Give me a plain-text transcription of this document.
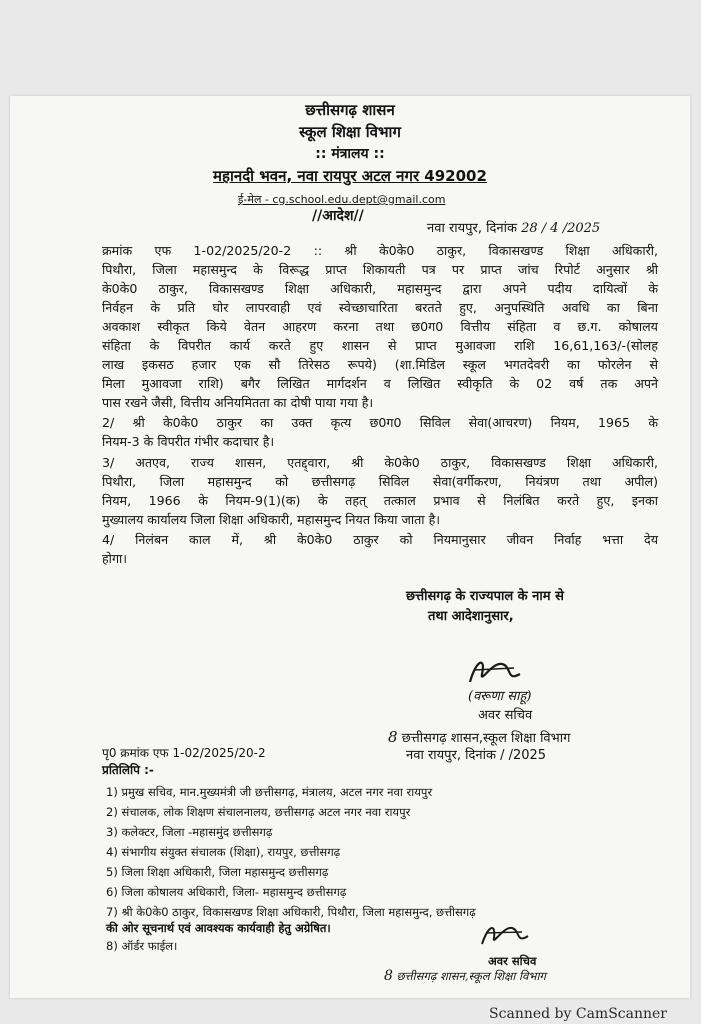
छत्तीसगढ़ शासन
स्कूल शिक्षा विभाग
:: मंत्रालय ::
महानदी भवन, नवा रायपुर अटल नगर 492002
ई-मेल - cg.school.edu.dept@gmail.com
//आदेश//
नवा रायपुर, दिनांक 28 / 4 /2025
क्रमांक एफ 1-02/2025/20-2 :: श्री के0के0 ठाकुर, विकासखण्ड शिक्षा अधिकारी,
पिथौरा, जिला महासमुन्द के विरूद्ध प्राप्त शिकायती पत्र पर प्राप्त जांच रिपोर्ट अनुसार श्री
के0के0 ठाकुर, विकासखण्ड शिक्षा अधिकारी, महासमुन्द द्वारा अपने पदीय दायित्वों के
निर्वहन के प्रति घोर लापरवाही एवं स्वेच्छाचारिता बरतते हुए, अनुपस्थिति अवधि का बिना
अवकाश स्वीकृत किये वेतन आहरण करना तथा छ0ग0 वित्तीय संहिता व छ.ग. कोषालय
संहिता के विपरीत कार्य करते हुए शासन से प्राप्त मुआवजा राशि 16,61,163/-(सोलह
लाख इकसठ हजार एक सौ तिरेसठ रूपये) (शा.मिडिल स्कूल भगतदेवरी का फोरलेन से
मिला मुआवजा राशि) बगैर लिखित मार्गदर्शन व लिखित स्वीकृति के 02 वर्ष तक अपने
पास रखने जैसी, वित्तीय अनियमितता का दोषी पाया गया है।
2/ श्री के0के0 ठाकुर का उक्त कृत्य छ0ग0 सिविल सेवा(आचरण) नियम, 1965 के
नियम-3 के विपरीत गंभीर कदाचार है।
3/ अतएव, राज्य शासन, एतद्द्वारा, श्री के0के0 ठाकुर, विकासखण्ड शिक्षा अधिकारी,
पिथौरा, जिला महासमुन्द को छत्तीसगढ़ सिविल सेवा(वर्गीकरण, नियंत्रण तथा अपील)
नियम, 1966 के नियम-9(1)(क) के तहत् तत्काल प्रभाव से निलंबित करते हुए, इनका
मुख्यालय कार्यालय जिला शिक्षा अधिकारी, महासमुन्द नियत किया जाता है।
4/ निलंबन काल में, श्री के0के0 ठाकुर को नियमानुसार जीवन निर्वाह भत्ता देय
होगा।
छत्तीसगढ़ के राज्यपाल के नाम से
तथा आदेशानुसार,
(वरूणा साहू)
अवर सचिव
8 छत्तीसगढ़ शासन,स्कूल शिक्षा विभाग
नवा रायपुर, दिनांक / /2025
पृ0 क्रमांक एफ 1-02/2025/20-2
प्रतिलिपि :-
1) प्रमुख सचिव, मान.मुख्यमंत्री जी छत्तीसगढ़, मंत्रालय, अटल नगर नवा रायपुर
2) संचालक, लोक शिक्षण संचालनालय, छत्तीसगढ़ अटल नगर नवा रायपुर
3) कलेक्टर, जिला -महासमुंद छत्तीसगढ़
4) संभागीय संयुक्त संचालक (शिक्षा), रायपुर, छत्तीसगढ़
5) जिला शिक्षा अधिकारी, जिला महासमुन्द छत्तीसगढ़
6) जिला कोषालय अधिकारी, जिला- महासमुन्द छत्तीसगढ़
7) श्री के0के0 ठाकुर, विकासखण्ड शिक्षा अधिकारी, पिथौरा, जिला महासमुन्द, छत्तीसगढ़
की ओर सूचनार्थ एवं आवश्यक कार्यवाही हेतु अग्रेषित।
8) ऑर्डर फाईल।
अवर सचिव
8 छत्तीसगढ़ शासन,स्कूल शिक्षा विभाग
Scanned by CamScanner
